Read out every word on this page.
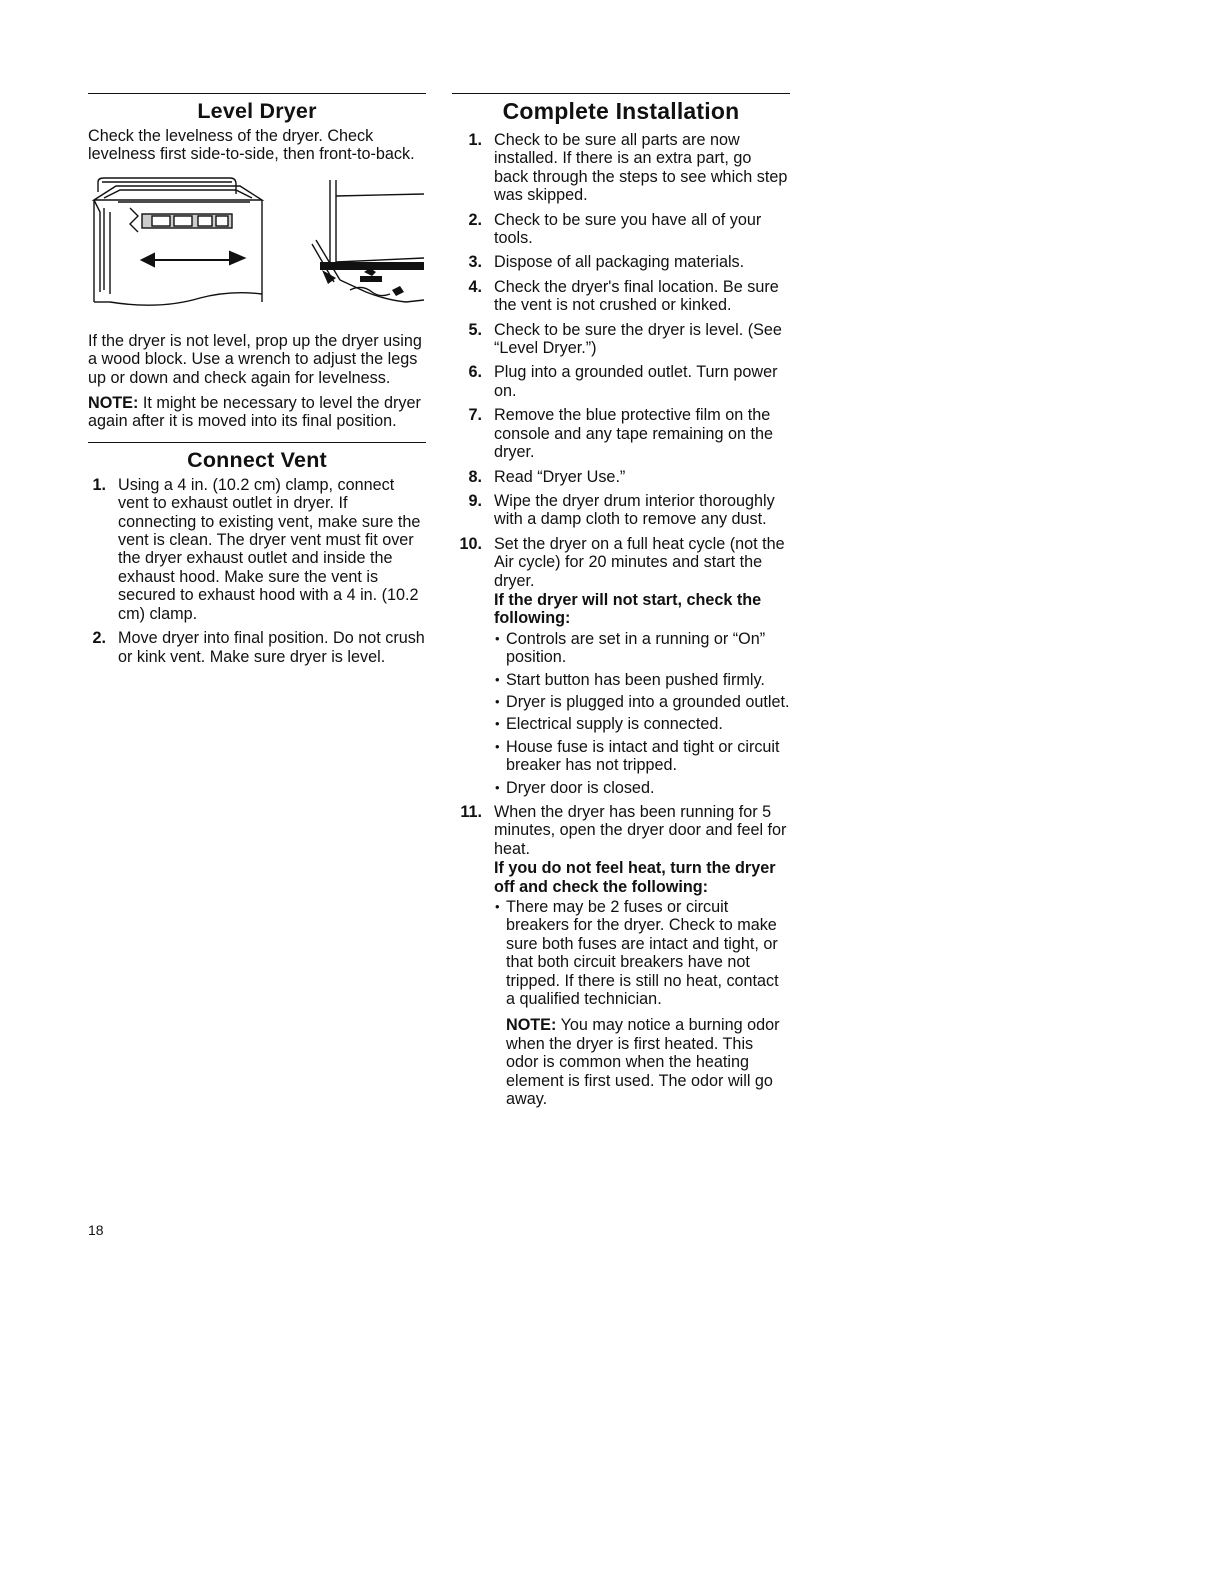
Level Dryer

Check the levelness of the dryer. Check levelness first side-to-side, then front-to-back.

If the dryer is not level, prop up the dryer using a wood block. Use a wrench to adjust the legs up or down and check again for levelness.

NOTE: It might be necessary to level the dryer again after it is moved into its final position.

Connect Vent
1. Using a 4 in. (10.2 cm) clamp, connect vent to exhaust outlet in dryer. If connecting to existing vent, make sure the vent is clean. The dryer vent must fit over the dryer exhaust outlet and inside the exhaust hood. Make sure the vent is secured to exhaust hood with a 4 in. (10.2 cm) clamp.
2. Move dryer into final position. Do not crush or kink vent. Make sure dryer is level.
Complete Installation
1. Check to be sure all parts are now installed. If there is an extra part, go back through the steps to see which step was skipped.
2. Check to be sure you have all of your tools.
3. Dispose of all packaging materials.
4. Check the dryer's final location. Be sure the vent is not crushed or kinked.
5. Check to be sure the dryer is level. (See “Level Dryer.”)
6. Plug into a grounded outlet. Turn power on.
7. Remove the blue protective film on the console and any tape remaining on the dryer.
8. Read “Dryer Use.”
9. Wipe the dryer drum interior thoroughly with a damp cloth to remove any dust.
10. Set the dryer on a full heat cycle (not the Air cycle) for 20 minutes and start the dryer.
If the dryer will not start, check the following:
• Controls are set in a running or “On” position.
• Start button has been pushed firmly.
• Dryer is plugged into a grounded outlet.
• Electrical supply is connected.
• House fuse is intact and tight or circuit breaker has not tripped.
• Dryer door is closed.
11. When the dryer has been running for 5 minutes, open the dryer door and feel for heat.
If you do not feel heat, turn the dryer off and check the following:
• There may be 2 fuses or circuit breakers for the dryer. Check to make sure both fuses are intact and tight, or that both circuit breakers have not tripped. If there is still no heat, contact a qualified technician.
NOTE: You may notice a burning odor when the dryer is first heated. This odor is common when the heating element is first used. The odor will go away.
18
